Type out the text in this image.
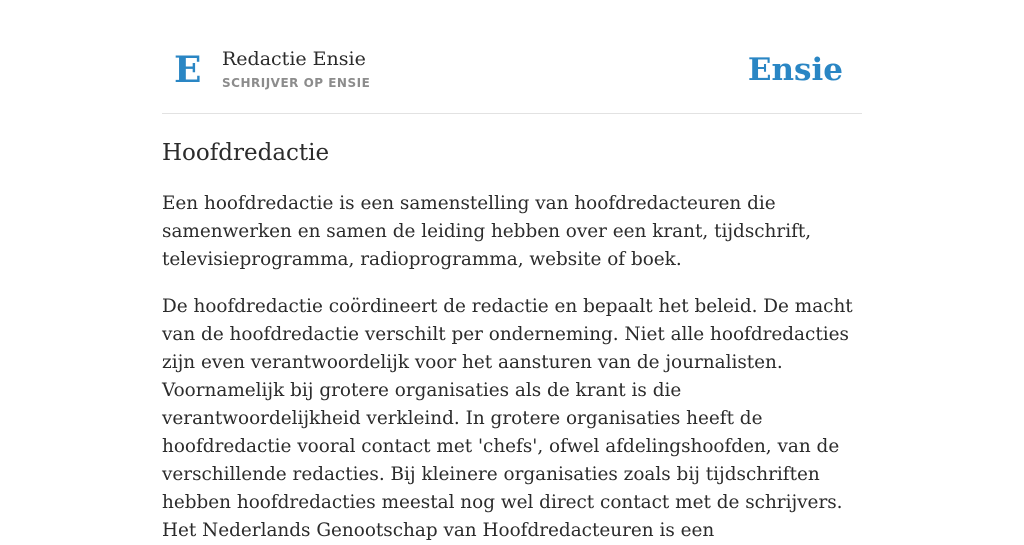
E Redactie Ensie
SCHRIJVER OP ENSIE	Ensie
Hoofdredactie

Een hoofdredactie is een samenstelling van hoofdredacteuren die samenwerken en samen de leiding hebben over een krant, tijdschrift, televisieprogramma, radioprogramma, website of boek.

De hoofdredactie coördineert de redactie en bepaalt het beleid. De macht van de hoofdredactie verschilt per onderneming. Niet alle hoofdredacties zijn even verantwoordelijk voor het aansturen van de journalisten. Voornamelijk bij grotere organisaties als de krant is die verantwoordelijkheid verkleind. In grotere organisaties heeft de hoofdredactie vooral contact met 'chefs', ofwel afdelingshoofden, van de verschillende redacties. Bij kleinere organisaties zoals bij tijdschriften hebben hoofdredacties meestal nog wel direct contact met de schrijvers. Het Nederlands Genootschap van Hoofdredacteuren is een
